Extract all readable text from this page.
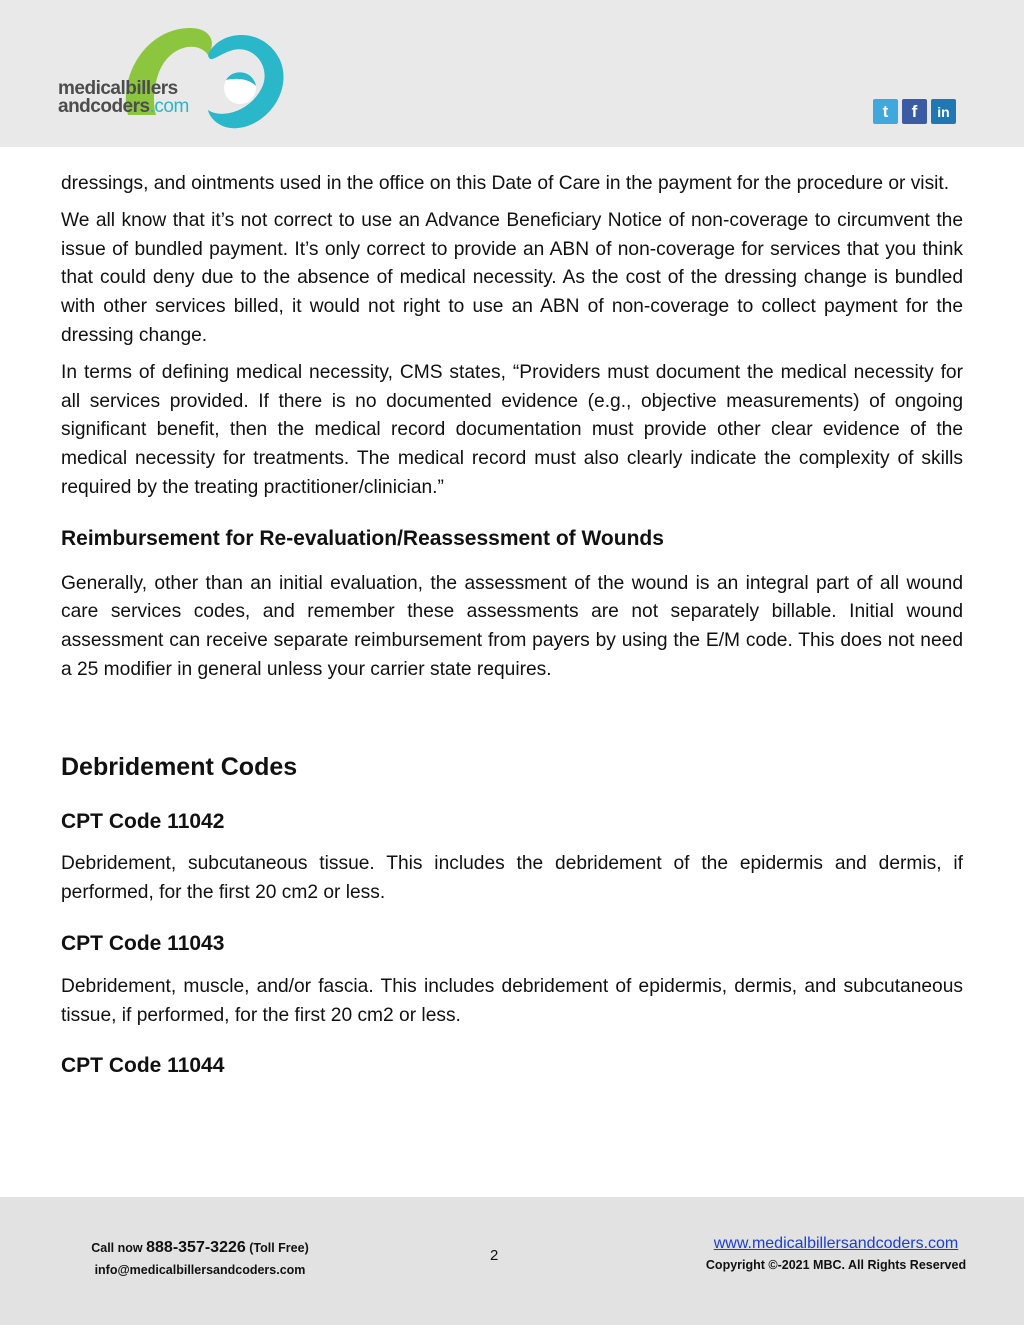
medicalbillers
andcoders.com	t	f	in

dressings, and ointments used in the office on this Date of Care in the payment for the procedure or visit.

We all know that it’s not correct to use an Advance Beneficiary Notice of non-coverage to circumvent the issue of bundled payment. It’s only correct to provide an ABN of non-coverage for services that you think that could deny due to the absence of medical necessity. As the cost of the dressing change is bundled with other services billed, it would not right to use an ABN of non-coverage to collect payment for the dressing change.

In terms of defining medical necessity, CMS states, “Providers must document the medical necessity for all services provided. If there is no documented evidence (e.g., objective measurements) of ongoing significant benefit, then the medical record documentation must provide other clear evidence of the medical necessity for treatments. The medical record must also clearly indicate the complexity of skills required by the treating practitioner/clinician.”

Reimbursement for Re-evaluation/Reassessment of Wounds

Generally, other than an initial evaluation, the assessment of the wound is an integral part of all wound care services codes, and remember these assessments are not separately billable. Initial wound assessment can receive separate reimbursement from payers by using the E/M code. This does not need a 25 modifier in general unless your carrier state requires.

Debridement Codes
CPT Code 11042

Debridement, subcutaneous tissue. This includes the debridement of the epidermis and dermis, if performed, for the first 20 cm2 or less.

CPT Code 11043

Debridement, muscle, and/or fascia. This includes debridement of epidermis, dermis, and subcutaneous tissue, if performed, for the first 20 cm2 or less.

CPT Code 11044
Call now 888-357-3226 (Toll Free)
info@medicalbillersandcoders.com
2
www.medicalbillersandcoders.com
Copyright ©-2021 MBC. All Rights Reserved
